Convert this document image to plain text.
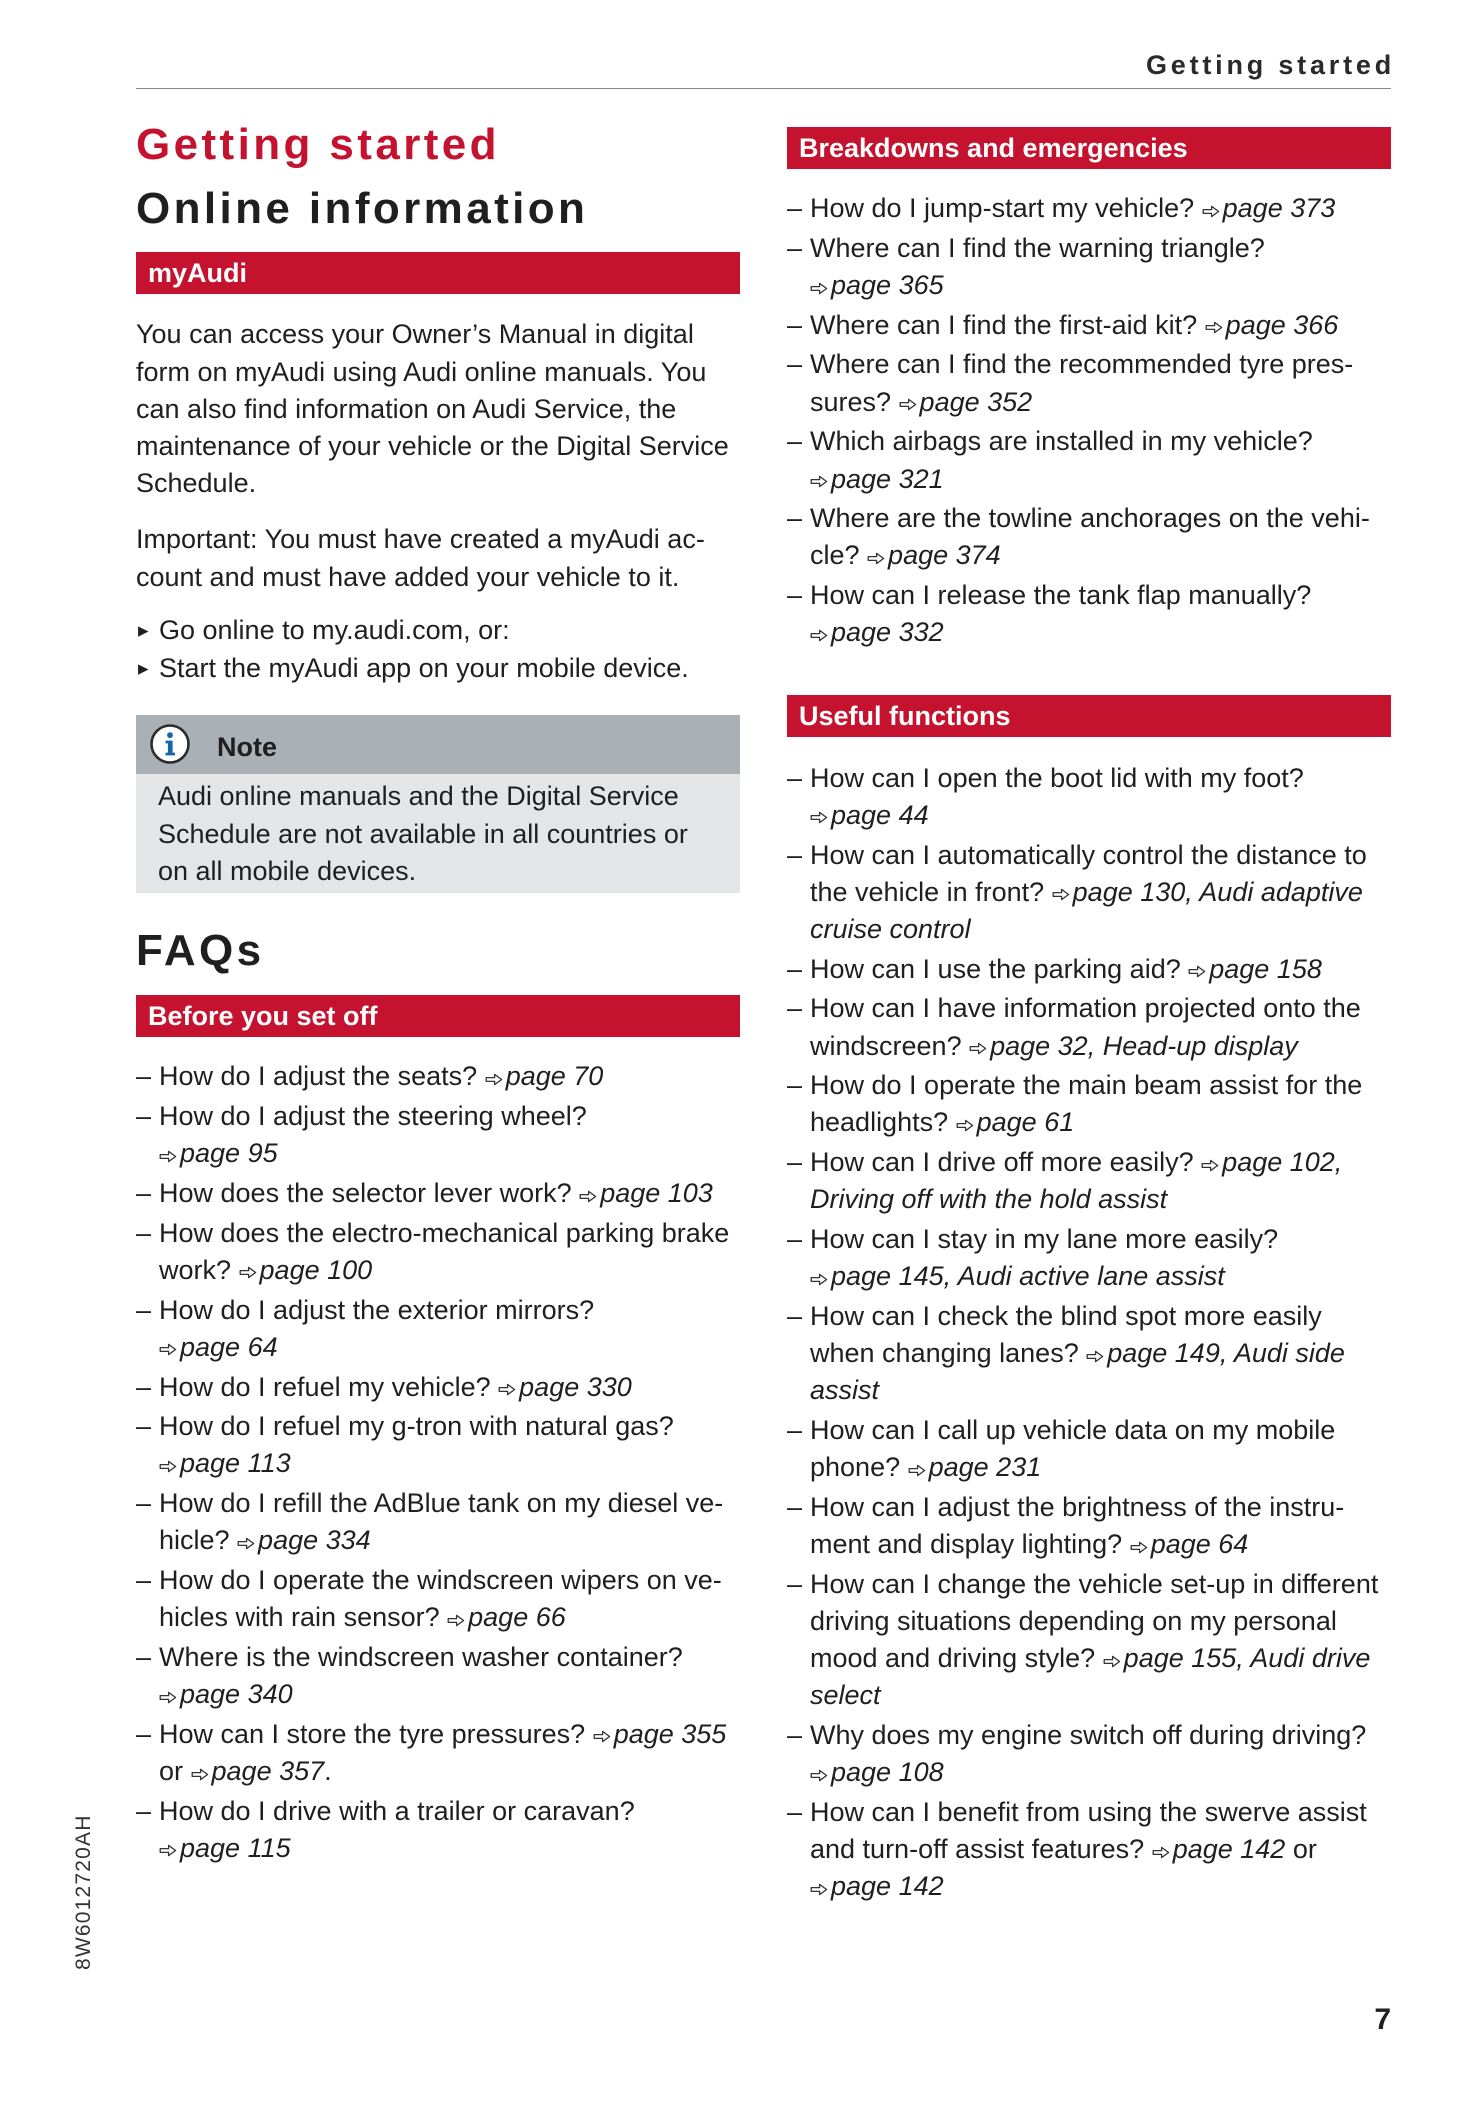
Getting started
Getting started
Online information
myAudi
You can access your Owner’s Manual in digital
form on myAudi using Audi online manuals. You
can also find information on Audi Service, the
maintenance of your vehicle or the Digital Service
Schedule.
Important: You must have created a myAudi ac-
count and must have added your vehicle to it.
▸ Go online to my.audi.com, or:
▸ Start the myAudi app on your mobile device.
Note
Audi online manuals and the Digital Service
Schedule are not available in all countries or
on all mobile devices.
FAQs
Before you set off
– How do I adjust the seats? page 70
– How do I adjust the steering wheel?
page 95
– How does the selector lever work? page 103
– How does the electro-mechanical parking brake
work? page 100
– How do I adjust the exterior mirrors?
page 64
– How do I refuel my vehicle? page 330
– How do I refuel my g-tron with natural gas?
page 113
– How do I refill the AdBlue tank on my diesel ve-
hicle? page 334
– How do I operate the windscreen wipers on ve-
hicles with rain sensor? page 66
– Where is the windscreen washer container?
page 340
– How can I store the tyre pressures? page 355
or page 357.
– How do I drive with a trailer or caravan?
page 115
Breakdowns and emergencies
– How do I jump-start my vehicle? page 373
– Where can I find the warning triangle?
page 365
– Where can I find the first-aid kit? page 366
– Where can I find the recommended tyre pres-
sures? page 352
– Which airbags are installed in my vehicle?
page 321
– Where are the towline anchorages on the vehi-
cle? page 374
– How can I release the tank flap manually?
page 332
Useful functions
– How can I open the boot lid with my foot?
page 44
– How can I automatically control the distance to
the vehicle in front? page 130, Audi adaptive
cruise control
– How can I use the parking aid? page 158
– How can I have information projected onto the
windscreen? page 32, Head-up display
– How do I operate the main beam assist for the
headlights? page 61
– How can I drive off more easily? page 102,
Driving off with the hold assist
– How can I stay in my lane more easily?
page 145, Audi active lane assist
– How can I check the blind spot more easily
when changing lanes? page 149, Audi side
assist
– How can I call up vehicle data on my mobile
phone? page 231
– How can I adjust the brightness of the instru-
ment and display lighting? page 64
– How can I change the vehicle set-up in different
driving situations depending on my personal
mood and driving style? page 155, Audi drive
select
– Why does my engine switch off during driving?
page 108
– How can I benefit from using the swerve assist
and turn-off assist features? page 142 or
page 142
7
8W6012720AH
